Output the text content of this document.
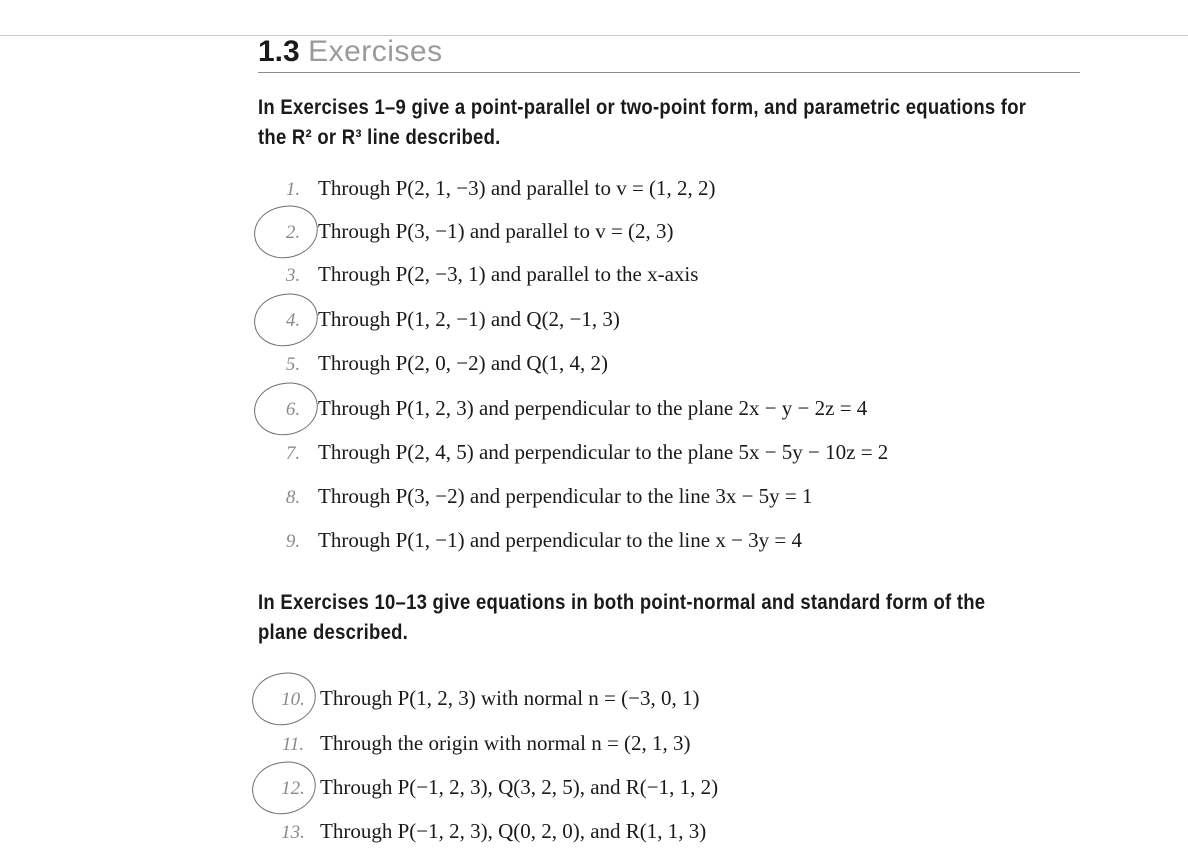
1.3 Exercises
In Exercises 1–9 give a point-parallel or two-point form, and parametric equations for the R² or R³ line described.
1. Through P(2, 1, −3) and parallel to v = (1, 2, 2)
2. Through P(3, −1) and parallel to v = (2, 3)
3. Through P(2, −3, 1) and parallel to the x-axis
4. Through P(1, 2, −1) and Q(2, −1, 3)
5. Through P(2, 0, −2) and Q(1, 4, 2)
6. Through P(1, 2, 3) and perpendicular to the plane 2x − y − 2z = 4
7. Through P(2, 4, 5) and perpendicular to the plane 5x − 5y − 10z = 2
8. Through P(3, −2) and perpendicular to the line 3x − 5y = 1
9. Through P(1, −1) and perpendicular to the line x − 3y = 4
In Exercises 10–13 give equations in both point-normal and standard form of the plane described.
10. Through P(1, 2, 3) with normal n = (−3, 0, 1)
11. Through the origin with normal n = (2, 1, 3)
12. Through P(−1, 2, 3), Q(3, 2, 5), and R(−1, 1, 2)
13. Through P(−1, 2, 3), Q(0, 2, 0), and R(1, 1, 3)
